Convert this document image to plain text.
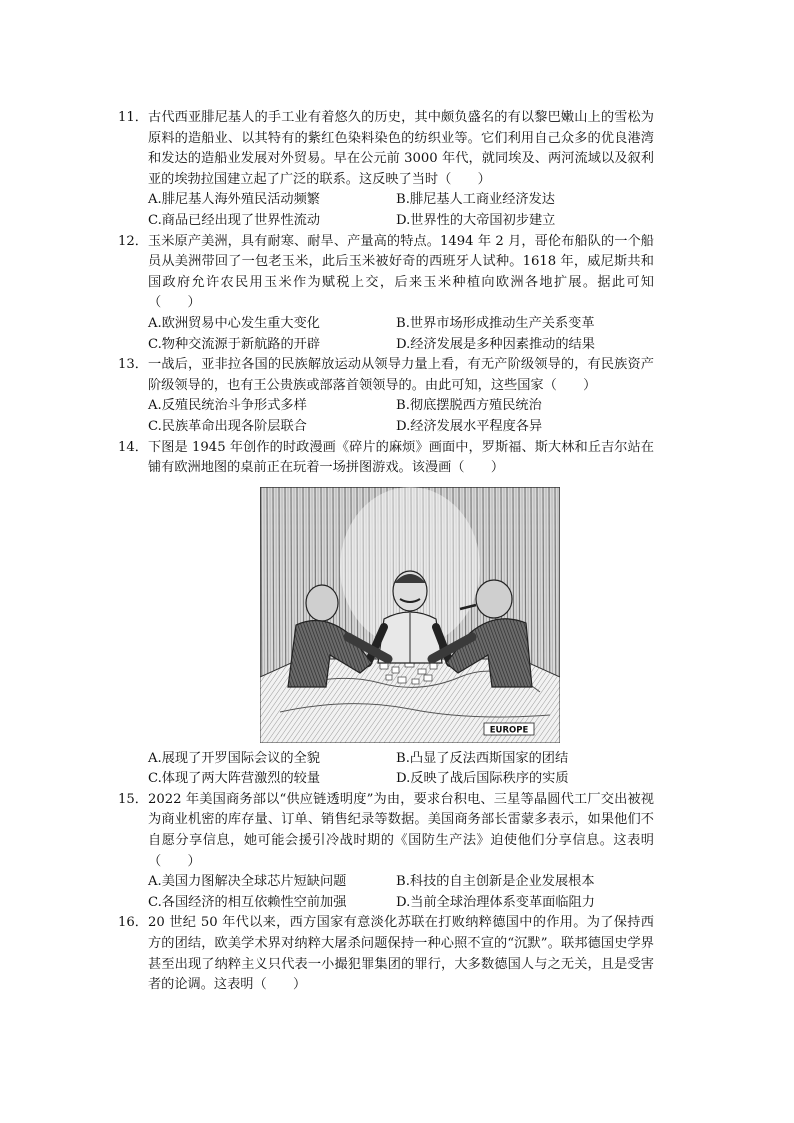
11． 古代西亚腓尼基人的手工业有着悠久的历史，其中颇负盛名的有以黎巴嫩山上的雪松为原料的造船业、以其特有的紫红色染料染色的纺织业等。它们利用自己众多的优良港湾和发达的造船业发展对外贸易。早在公元前 3000 年代，就同埃及、两河流域以及叙利亚的埃勃拉国建立起了广泛的联系。这反映了当时（　　）
A.腓尼基人海外殖民活动频繁	B.腓尼基人工商业经济发达
C.商品已经出现了世界性流动	D.世界性的大帝国初步建立
12． 玉米原产美洲，具有耐寒、耐旱、产量高的特点。1494 年 2 月，哥伦布船队的一个船员从美洲带回了一包老玉米，此后玉米被好奇的西班牙人试种。1618 年，威尼斯共和国政府允许农民用玉米作为赋税上交，后来玉米种植向欧洲各地扩展。据此可知（　　）
A.欧洲贸易中心发生重大变化	B.世界市场形成推动生产关系变革
C.物种交流源于新航路的开辟	D.经济发展是多种因素推动的结果
13． 一战后，亚非拉各国的民族解放运动从领导力量上看，有无产阶级领导的，有民族资产阶级领导的，也有王公贵族或部落首领领导的。由此可知，这些国家（　　）
A.反殖民统治斗争形式多样	B.彻底摆脱西方殖民统治
C.民族革命出现各阶层联合	D.经济发展水平程度各异
14． 下图是 1945 年创作的时政漫画《碎片的麻烦》画面中，罗斯福、斯大林和丘吉尔站在铺有欧洲地图的桌前正在玩着一场拼图游戏。该漫画（　　）
EUROPE
A.展现了开罗国际会议的全貌	B.凸显了反法西斯国家的团结
C.体现了两大阵营激烈的较量	D.反映了战后国际秩序的实质
15． 2022 年美国商务部以“供应链透明度”为由，要求台积电、三星等晶圆代工厂交出被视为商业机密的库存量、订单、销售纪录等数据。美国商务部长雷蒙多表示，如果他们不自愿分享信息，她可能会援引冷战时期的《国防生产法》迫使他们分享信息。这表明（　　）
A.美国力图解决全球芯片短缺问题	B.科技的自主创新是企业发展根本
C.各国经济的相互依赖性空前加强	D.当前全球治理体系变革面临阻力
16． 20 世纪 50 年代以来，西方国家有意淡化苏联在打败纳粹德国中的作用。为了保持西方的团结，欧美学术界对纳粹大屠杀问题保持一种心照不宣的“沉默”。联邦德国史学界甚至出现了纳粹主义只代表一小撮犯罪集团的罪行，大多数德国人与之无关，且是受害者的论调。这表明（　　）
